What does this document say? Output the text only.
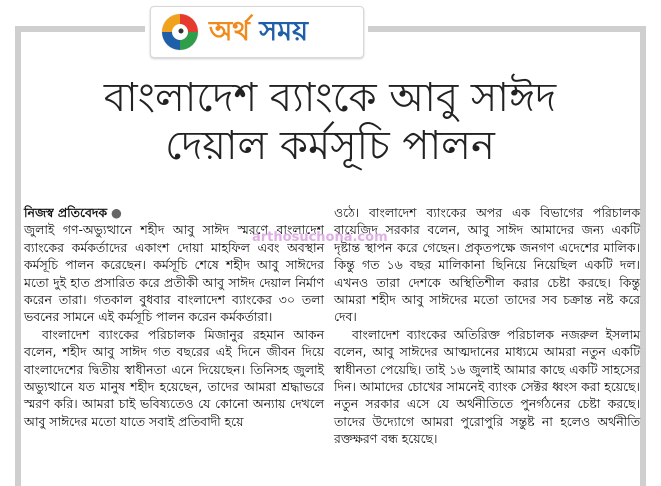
অর্থ সময়
বাংলাদেশ ব্যাংকে আবু সাঈদ
দেয়াল কর্মসূচি পালন

নিজস্ব প্রতিবেদক ●

জুলাই গণ-অভ্যুত্থানে শহীদ আবু সাঈদ স্মরণে বাংলাদেশ ব্যাংকের কর্মকর্তাদের একাংশ দোয়া মাহফিল এবং অবস্থান কর্মসূচি পালন করেছেন। কর্মসূচি শেষে শহীদ আবু সাঈদের মতো দুই হাত প্রসারিত করে প্রতীকী আবু সাঈদ দেয়াল নির্মাণ করেন তারা। গতকাল বুধবার বাংলাদেশ ব্যাংকের ৩০ তলা ভবনের সামনে এই কর্মসূচি পালন করেন কর্মকর্তারা।

বাংলাদেশ ব্যাংকের পরিচালক মিজানুর রহমান আকন বলেন, শহীদ আবু সাঈদ গত বছরের এই দিনে জীবন দিয়ে বাংলাদেশের দ্বিতীয় স্বাধীনতা এনে দিয়েছেন। তিনিসহ জুলাই অভ্যুত্থানে যত মানুষ শহীদ হয়েছেন, তাদের আমরা শ্রদ্ধাভরে স্মরণ করি। আমরা চাই ভবিষ্যতেও যে কোনো অন্যায় দেখলে আবু সাঈদের মতো যাতে সবাই প্রতিবাদী হয়ে

ওঠে। বাংলাদেশ ব্যাংকের অপর এক বিভাগের পরিচালক বায়েজিদ সরকার বলেন, আবু সাঈদ আমাদের জন্য একটি দৃষ্টান্ত স্থাপন করে গেছেন। প্রকৃতপক্ষে জনগণ এদেশের মালিক। কিন্তু গত ১৬ বছর মালিকানা ছিনিয়ে নিয়েছিল একটি দল। এখনও তারা দেশকে অস্থিতিশীল করার চেষ্টা করছে। কিন্তু আমরা শহীদ আবু সাঈদের মতো তাদের সব চক্রান্ত নষ্ট করে দেব।

বাংলাদেশ ব্যাংকের অতিরিক্ত পরিচালক নজরুল ইসলাম বলেন, আবু সাঈদের আত্মদানের মাধ্যমে আমরা নতুন একটি স্বাধীনতা পেয়েছি। তাই ১৬ জুলাই আমার কাছে একটি সাহসের দিন। আমাদের চোখের সামনেই ব্যাংক সেক্টর ধ্বংস করা হয়েছে। নতুন সরকার এসে যে অর্থনীতিতে পুনর্গঠনের চেষ্টা করছে। তাদের উদ্যোগে আমরা পুরোপুরি সন্তুষ্ট না হলেও অর্থনীতি রক্তক্ষরণ বন্ধ হয়েছে।

arthosuchona.com
